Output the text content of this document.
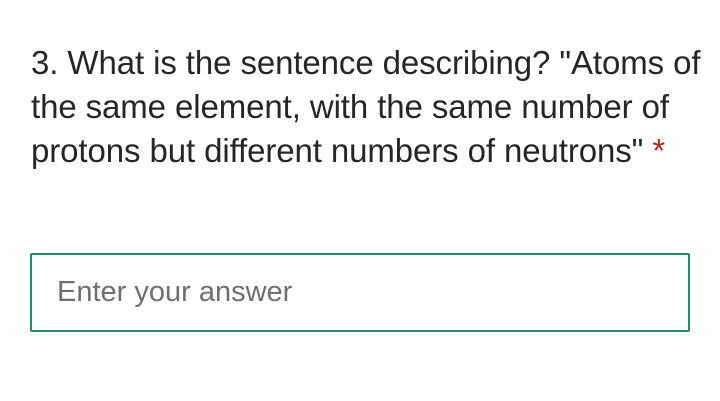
3. What is the sentence describing? "Atoms of the same element, with the same number of protons but different numbers of neutrons" *

Enter your answer
